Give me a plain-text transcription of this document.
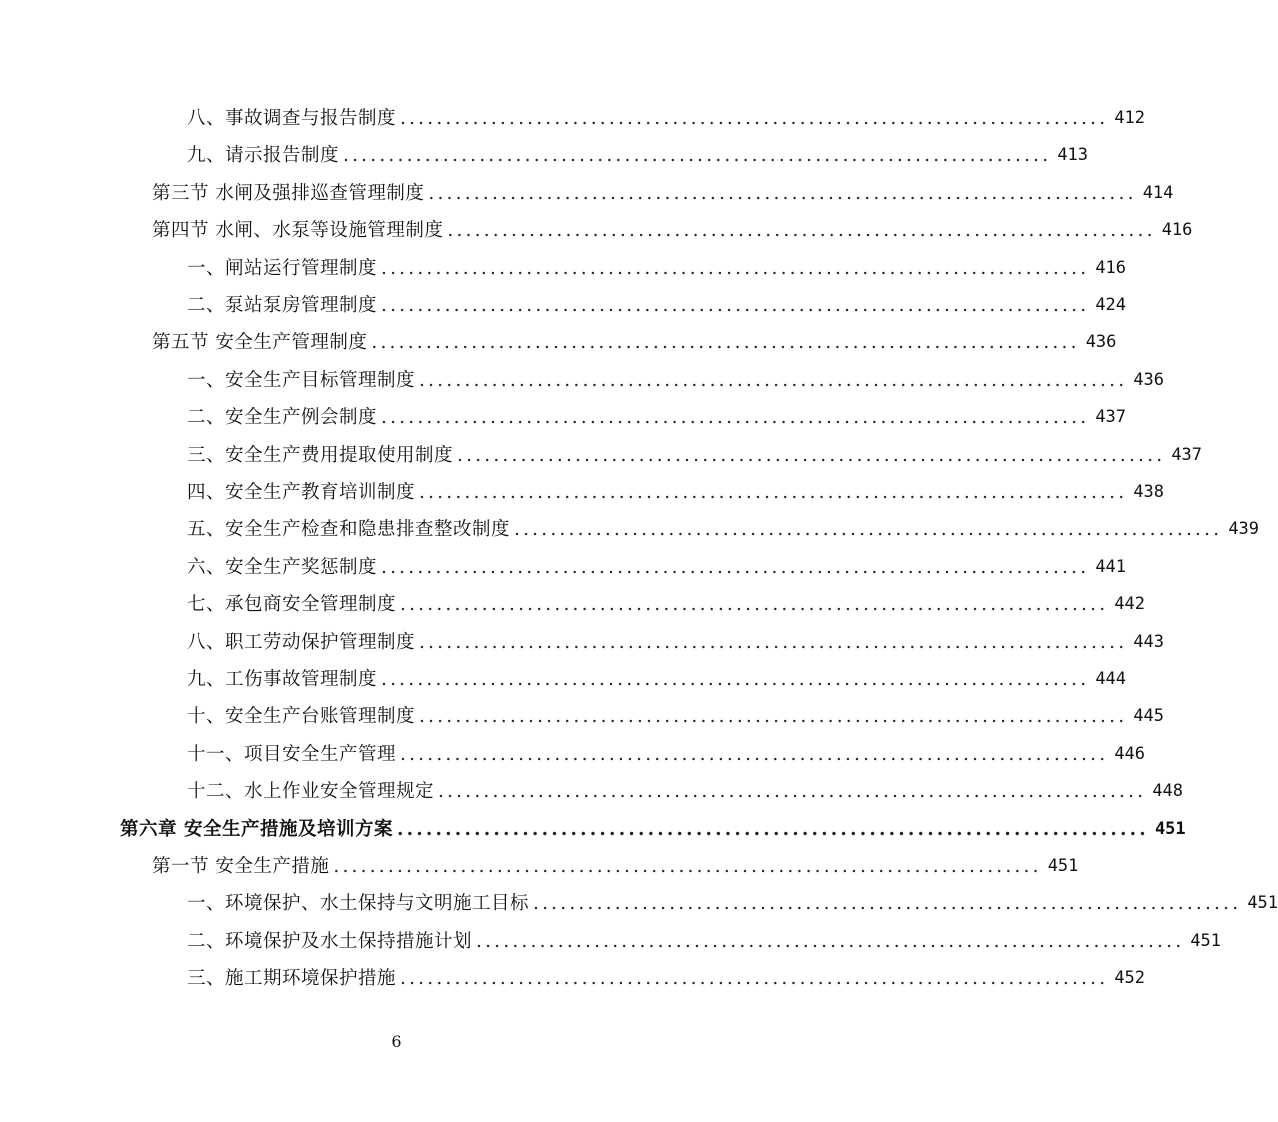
八、事故调查与报告制度 .............................................................................. 412
九、请示报告制度 .............................................................................. 413
第三节 水闸及强排巡查管理制度 .............................................................................. 414
第四节 水闸、水泵等设施管理制度 .............................................................................. 416
一、闸站运行管理制度 .............................................................................. 416
二、泵站泵房管理制度 .............................................................................. 424
第五节 安全生产管理制度 .............................................................................. 436
一、安全生产目标管理制度 .............................................................................. 436
二、安全生产例会制度 .............................................................................. 437
三、安全生产费用提取使用制度 .............................................................................. 437
四、安全生产教育培训制度 .............................................................................. 438
五、安全生产检查和隐患排查整改制度 .............................................................................. 439
六、安全生产奖惩制度 .............................................................................. 441
七、承包商安全管理制度 .............................................................................. 442
八、职工劳动保护管理制度 .............................................................................. 443
九、工伤事故管理制度 .............................................................................. 444
十、安全生产台账管理制度 .............................................................................. 445
十一、项目安全生产管理 .............................................................................. 446
十二、水上作业安全管理规定 .............................................................................. 448
第六章 安全生产措施及培训方案 .............................................................................. 451
第一节 安全生产措施 .............................................................................. 451
一、环境保护、水土保持与文明施工目标 .............................................................................. 451
二、环境保护及水土保持措施计划 .............................................................................. 451
三、施工期环境保护措施 .............................................................................. 452
6
